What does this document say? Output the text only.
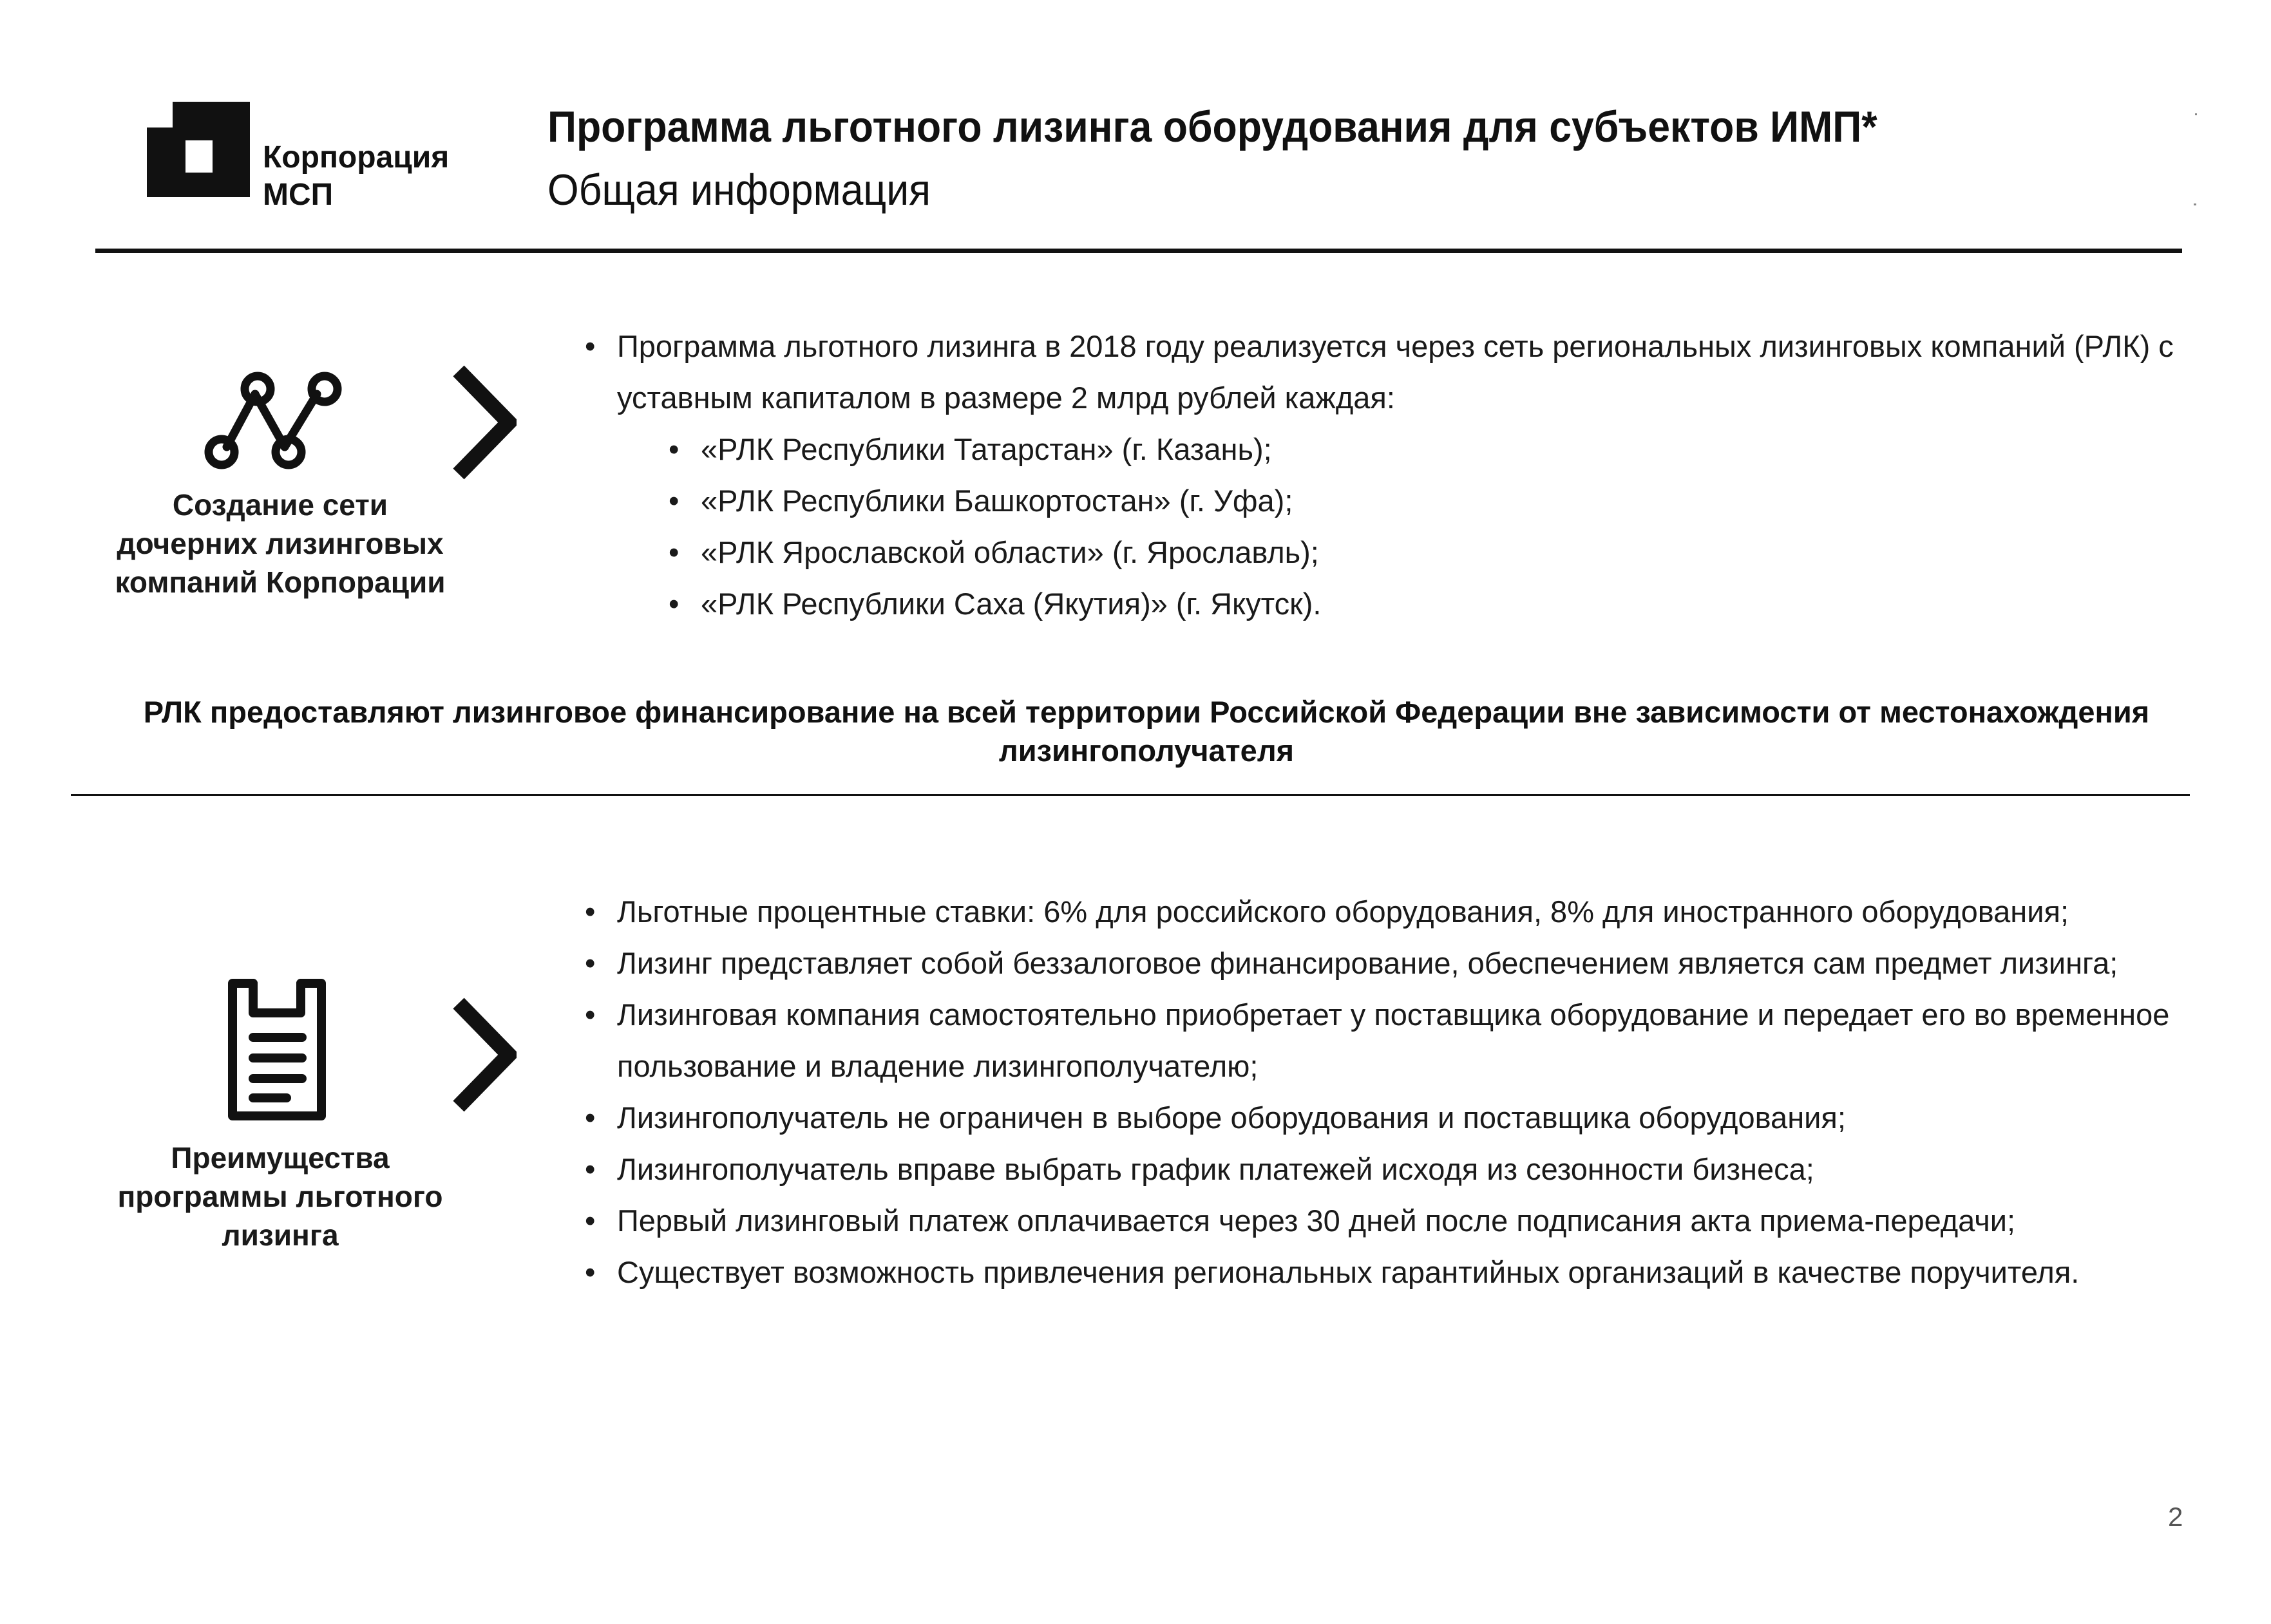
Корпорация
МСП
Программа льготного лизинга оборудования для субъектов ИМП*
Общая информация
Создание сети
дочерних лизинговых
компаний Корпорации
• Программа льготного лизинга в 2018 году реализуется через сеть региональных лизинговых компаний (РЛК) с уставным капиталом в размере 2 млрд рублей каждая:
• «РЛК Республики Татарстан» (г. Казань);
• «РЛК Республики Башкортостан» (г. Уфа);
• «РЛК Ярославской области» (г. Ярославль);
• «РЛК Республики Саха (Якутия)» (г. Якутск).
РЛК предоставляют лизинговое финансирование на всей территории Российской Федерации вне зависимости от местонахождения
лизингополучателя
Преимущества
программы льготного
лизинга
• Льготные процентные ставки: 6% для российского оборудования, 8% для иностранного оборудования;
• Лизинг представляет собой беззалоговое финансирование, обеспечением является сам предмет лизинга;
• Лизинговая компания самостоятельно приобретает у поставщика оборудование и передает его во временное пользование и владение лизингополучателю;
• Лизингополучатель не ограничен в выборе оборудования и поставщика оборудования;
• Лизингополучатель вправе выбрать график платежей исходя из сезонности бизнеса;
• Первый лизинговый платеж оплачивается через 30 дней после подписания акта приема-передачи;
• Существует возможность привлечения региональных гарантийных организаций в качестве поручителя.
2
